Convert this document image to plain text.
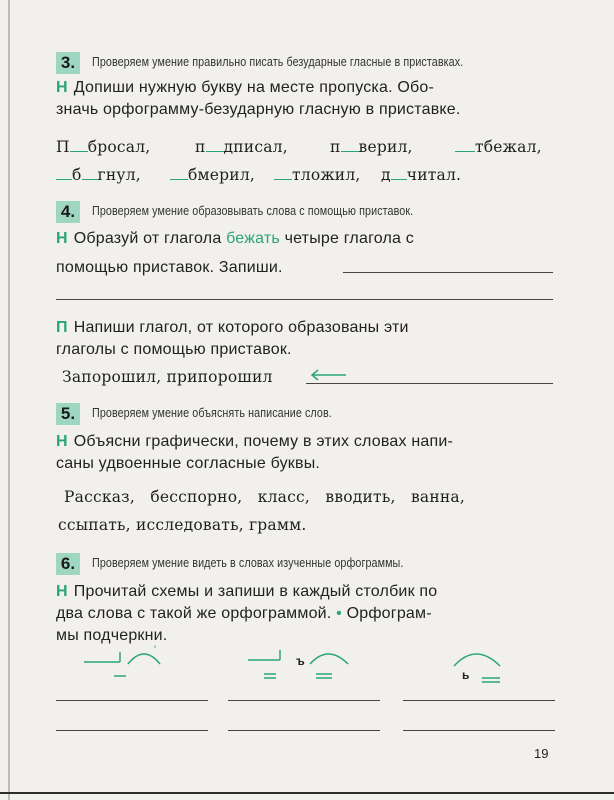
3.	Проверяем умение правильно писать безударные гласные в приставках.
Н Допиши нужную букву на месте пропуска. Обо-
значь орфограмму-безударную гласную в приставке.
П бросал,	п дписал,	п верил,	тбежал,
б гнул,	бмерил,	тложил, д читал.
4.	Проверяем умение образовывать слова с помощью приставок.
Н Образуй от глагола бежать четыре глагола с
помощью приставок. Запиши.
П Напиши глагол, от которого образованы эти
глаголы с помощью приставок.
Запорошил, припорошил
5.	Проверяем умение объяснять написание слов.
Н Объясни графически, почему в этих словах напи-
саны удвоенные согласные буквы.
Рассказ,   бесспорно,   класс,   вводить,   ванна,
ссыпать, исследовать, грамм.
6.	Проверяем умение видеть в словах изученные орфограммы.
Н Прочитай схемы и запиши в каждый столбик по
два слова с такой же орфограммой. • Орфограм-
мы подчеркни.
'
ъ
ь
19
